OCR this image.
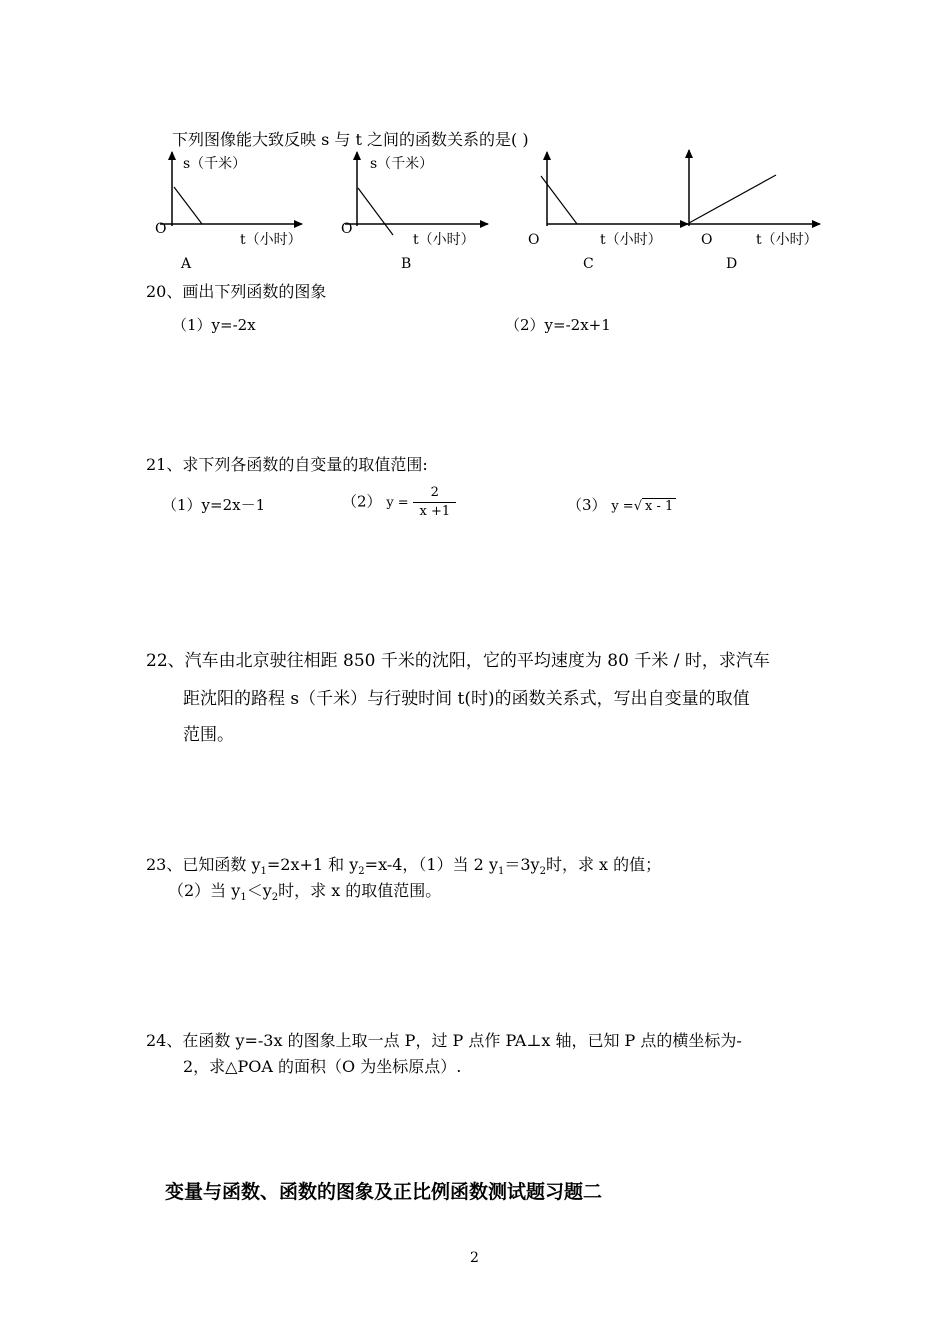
下列图像能大致反映 s 与 t 之间的函数关系的是( )
s（千米）
O
t（小时）
A
s（千米）
O
t（小时）
B
O	t（小时）
C
O	t（小时）
D
20、画出下列函数的图象
（1）y=-2x	（2）y=-2x+1
21、求下列各函数的自变量的取值范围:
（1）y=2x－1	（2） $y = \frac{2}{x +1}$	（3） y =√ x - 1
22、汽车由北京驶往相距 850 千米的沈阳，它的平均速度为 80 千米 / 时，求汽车
距沈阳的路程 s（千米）与行驶时间 t(时)的函数关系式，写出自变量的取值
范围。
23、已知函数 $y_1=2x+1$ 和 $y_2=x-4$，（1）当 2 $y_1=3y_2$时，求 x 的值；
（2）当 $y_1<y_2$时，求 x 的取值范围。
24、在函数 y=-3x 的图象上取一点 P，过 P 点作 PA⊥x 轴，已知 P 点的横坐标为-
2，求△POA 的面积（O 为坐标原点）.
变量与函数、函数的图象及正比例函数测试题习题二
2
